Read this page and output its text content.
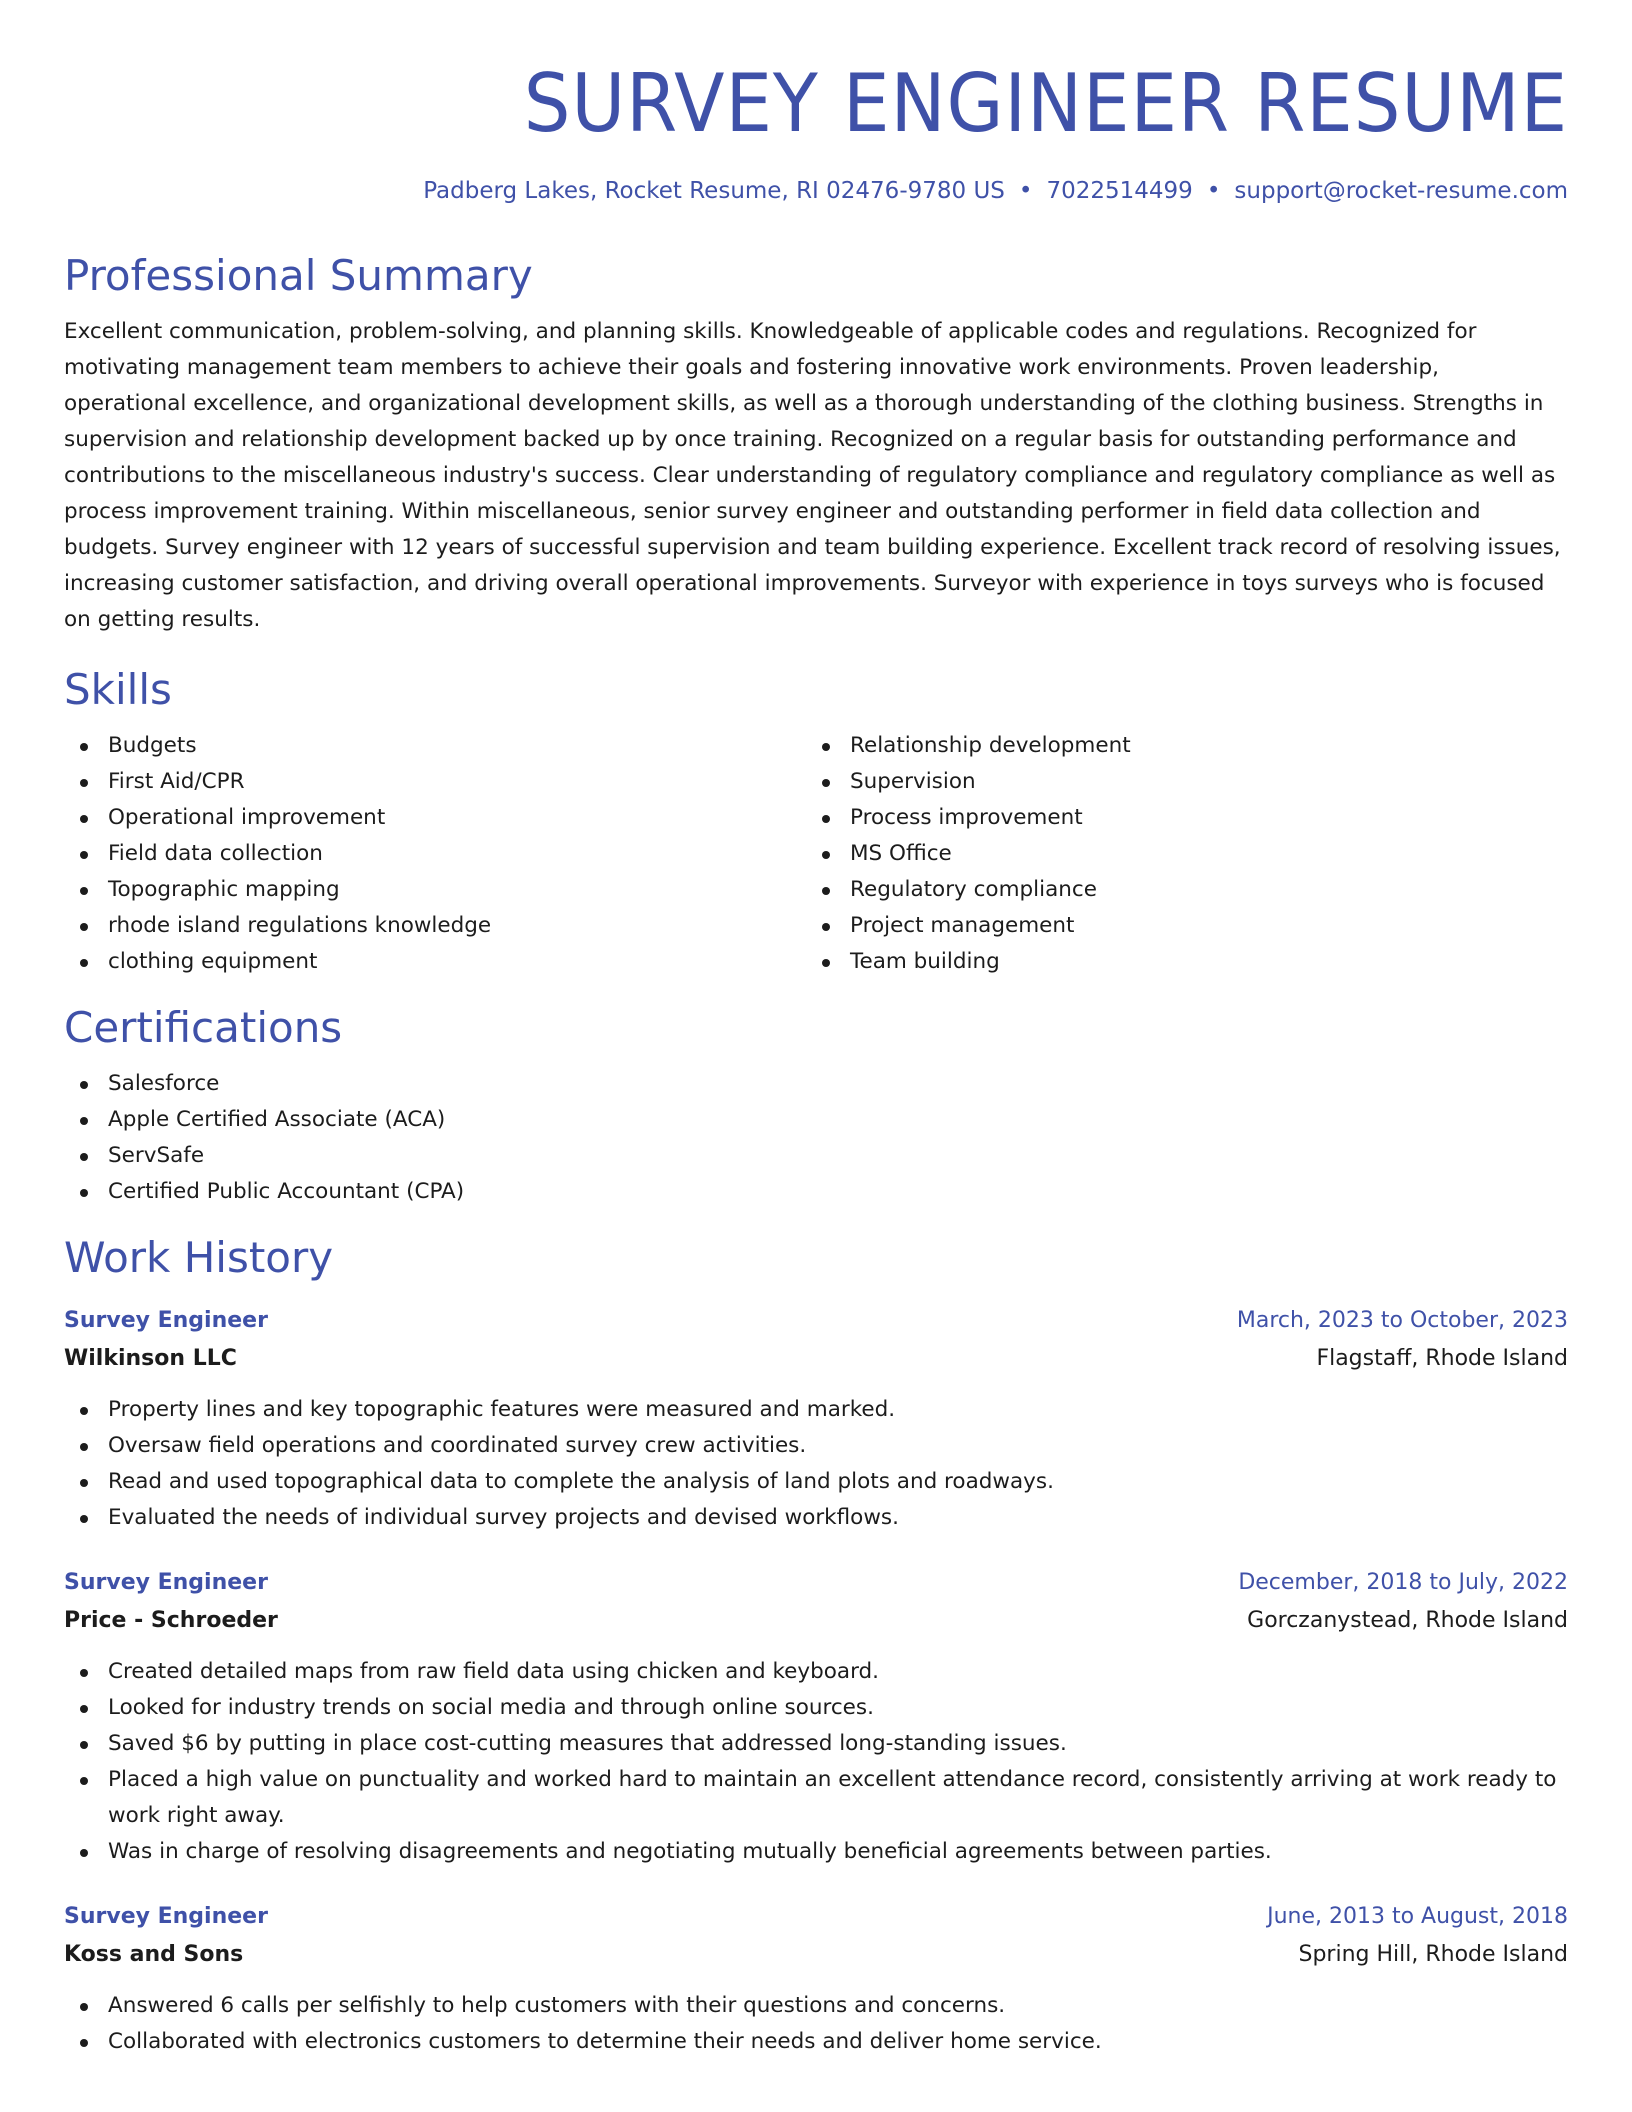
SURVEY ENGINEER RESUME
Padberg Lakes, Rocket Resume, RI 02476-9780 US • 7022514499 • support@rocket-resume.com
Professional Summary

Excellent communication, problem-solving, and planning skills. Knowledgeable of applicable codes and regulations. Recognized for motivating management team members to achieve their goals and fostering innovative work environments. Proven leadership, operational excellence, and organizational development skills, as well as a thorough understanding of the clothing business. Strengths in supervision and relationship development backed up by once training. Recognized on a regular basis for outstanding performance and contributions to the miscellaneous industry's success. Clear understanding of regulatory compliance and regulatory compliance as well as process improvement training. Within miscellaneous, senior survey engineer and outstanding performer in field data collection and budgets. Survey engineer with 12 years of successful supervision and team building experience. Excellent track record of resolving issues, increasing customer satisfaction, and driving overall operational improvements. Surveyor with experience in toys surveys who is focused on getting results.

Skills
Budgets
First Aid/CPR
Operational improvement
Field data collection
Topographic mapping
rhode island regulations knowledge
clothing equipment
Relationship development
Supervision
Process improvement
MS Office
Regulatory compliance
Project management
Team building
Certifications
Salesforce
Apple Certified Associate (ACA)
ServSafe
Certified Public Accountant (CPA)
Work History
Survey Engineer	March, 2023 to October, 2023
Wilkinson LLC	Flagstaff, Rhode Island
Property lines and key topographic features were measured and marked.
Oversaw field operations and coordinated survey crew activities.
Read and used topographical data to complete the analysis of land plots and roadways.
Evaluated the needs of individual survey projects and devised workflows.
Survey Engineer	December, 2018 to July, 2022
Price - Schroeder	Gorczanystead, Rhode Island
Created detailed maps from raw field data using chicken and keyboard.
Looked for industry trends on social media and through online sources.
Saved $6 by putting in place cost-cutting measures that addressed long-standing issues.
Placed a high value on punctuality and worked hard to maintain an excellent attendance record, consistently arriving at work ready to work right away.
Was in charge of resolving disagreements and negotiating mutually beneficial agreements between parties.
Survey Engineer	June, 2013 to August, 2018
Koss and Sons	Spring Hill, Rhode Island
Answered 6 calls per selfishly to help customers with their questions and concerns.
Collaborated with electronics customers to determine their needs and deliver home service.
